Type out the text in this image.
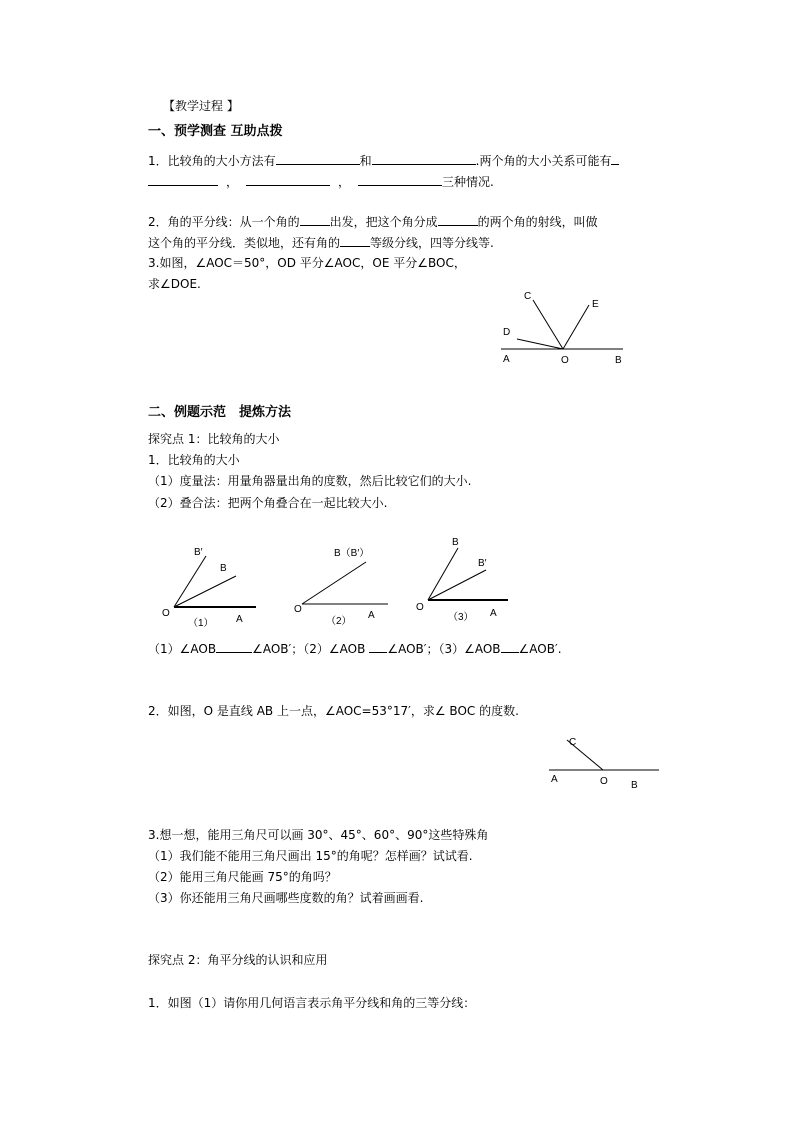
【教学过程 】
一、预学测查 互助点拨
1．比较角的大小方法有	和	.两个角的大小关系可能有
，	，	三种情况.
2．角的平分线：从一个角的	出发，把这个角分成	的两个角的射线，叫做
这个角的平分线．类似地，还有角的	等级分线，四等分线等.
3.如图，∠AOC＝50°，OD 平分∠AOC，OE 平分∠BOC，
求∠DOE.
C
E
D
A	O	B
二、例题示范　提炼方法
探究点 1：比较角的大小
1．比较角的大小
（1）度量法：用量角器量出角的度数，然后比较它们的大小.
（2）叠合法：把两个角叠合在一起比较大小.
B′
B
O
A
（1）
B（B′）
O
A
（2）
B
B′
O
A
（3）
（1）∠AOB	∠AOB′；（2）∠AOB ∠AOB′；（3）∠AOB ∠AOB′.
2．如图，O 是直线 AB 上一点，∠AOC=53°17′，求∠ BOC 的度数.
C
A	O B
3.想一想，能用三角尺可以画 30°、45°、60°、90°这些特殊角
（1）我们能不能用三角尺画出 15°的角呢？怎样画？试试看.
（2）能用三角尺能画 75°的角吗？
（3）你还能用三角尺画哪些度数的角？试着画画看.
探究点 2：角平分线的认识和应用
1．如图（1）请你用几何语言表示角平分线和角的三等分线：
